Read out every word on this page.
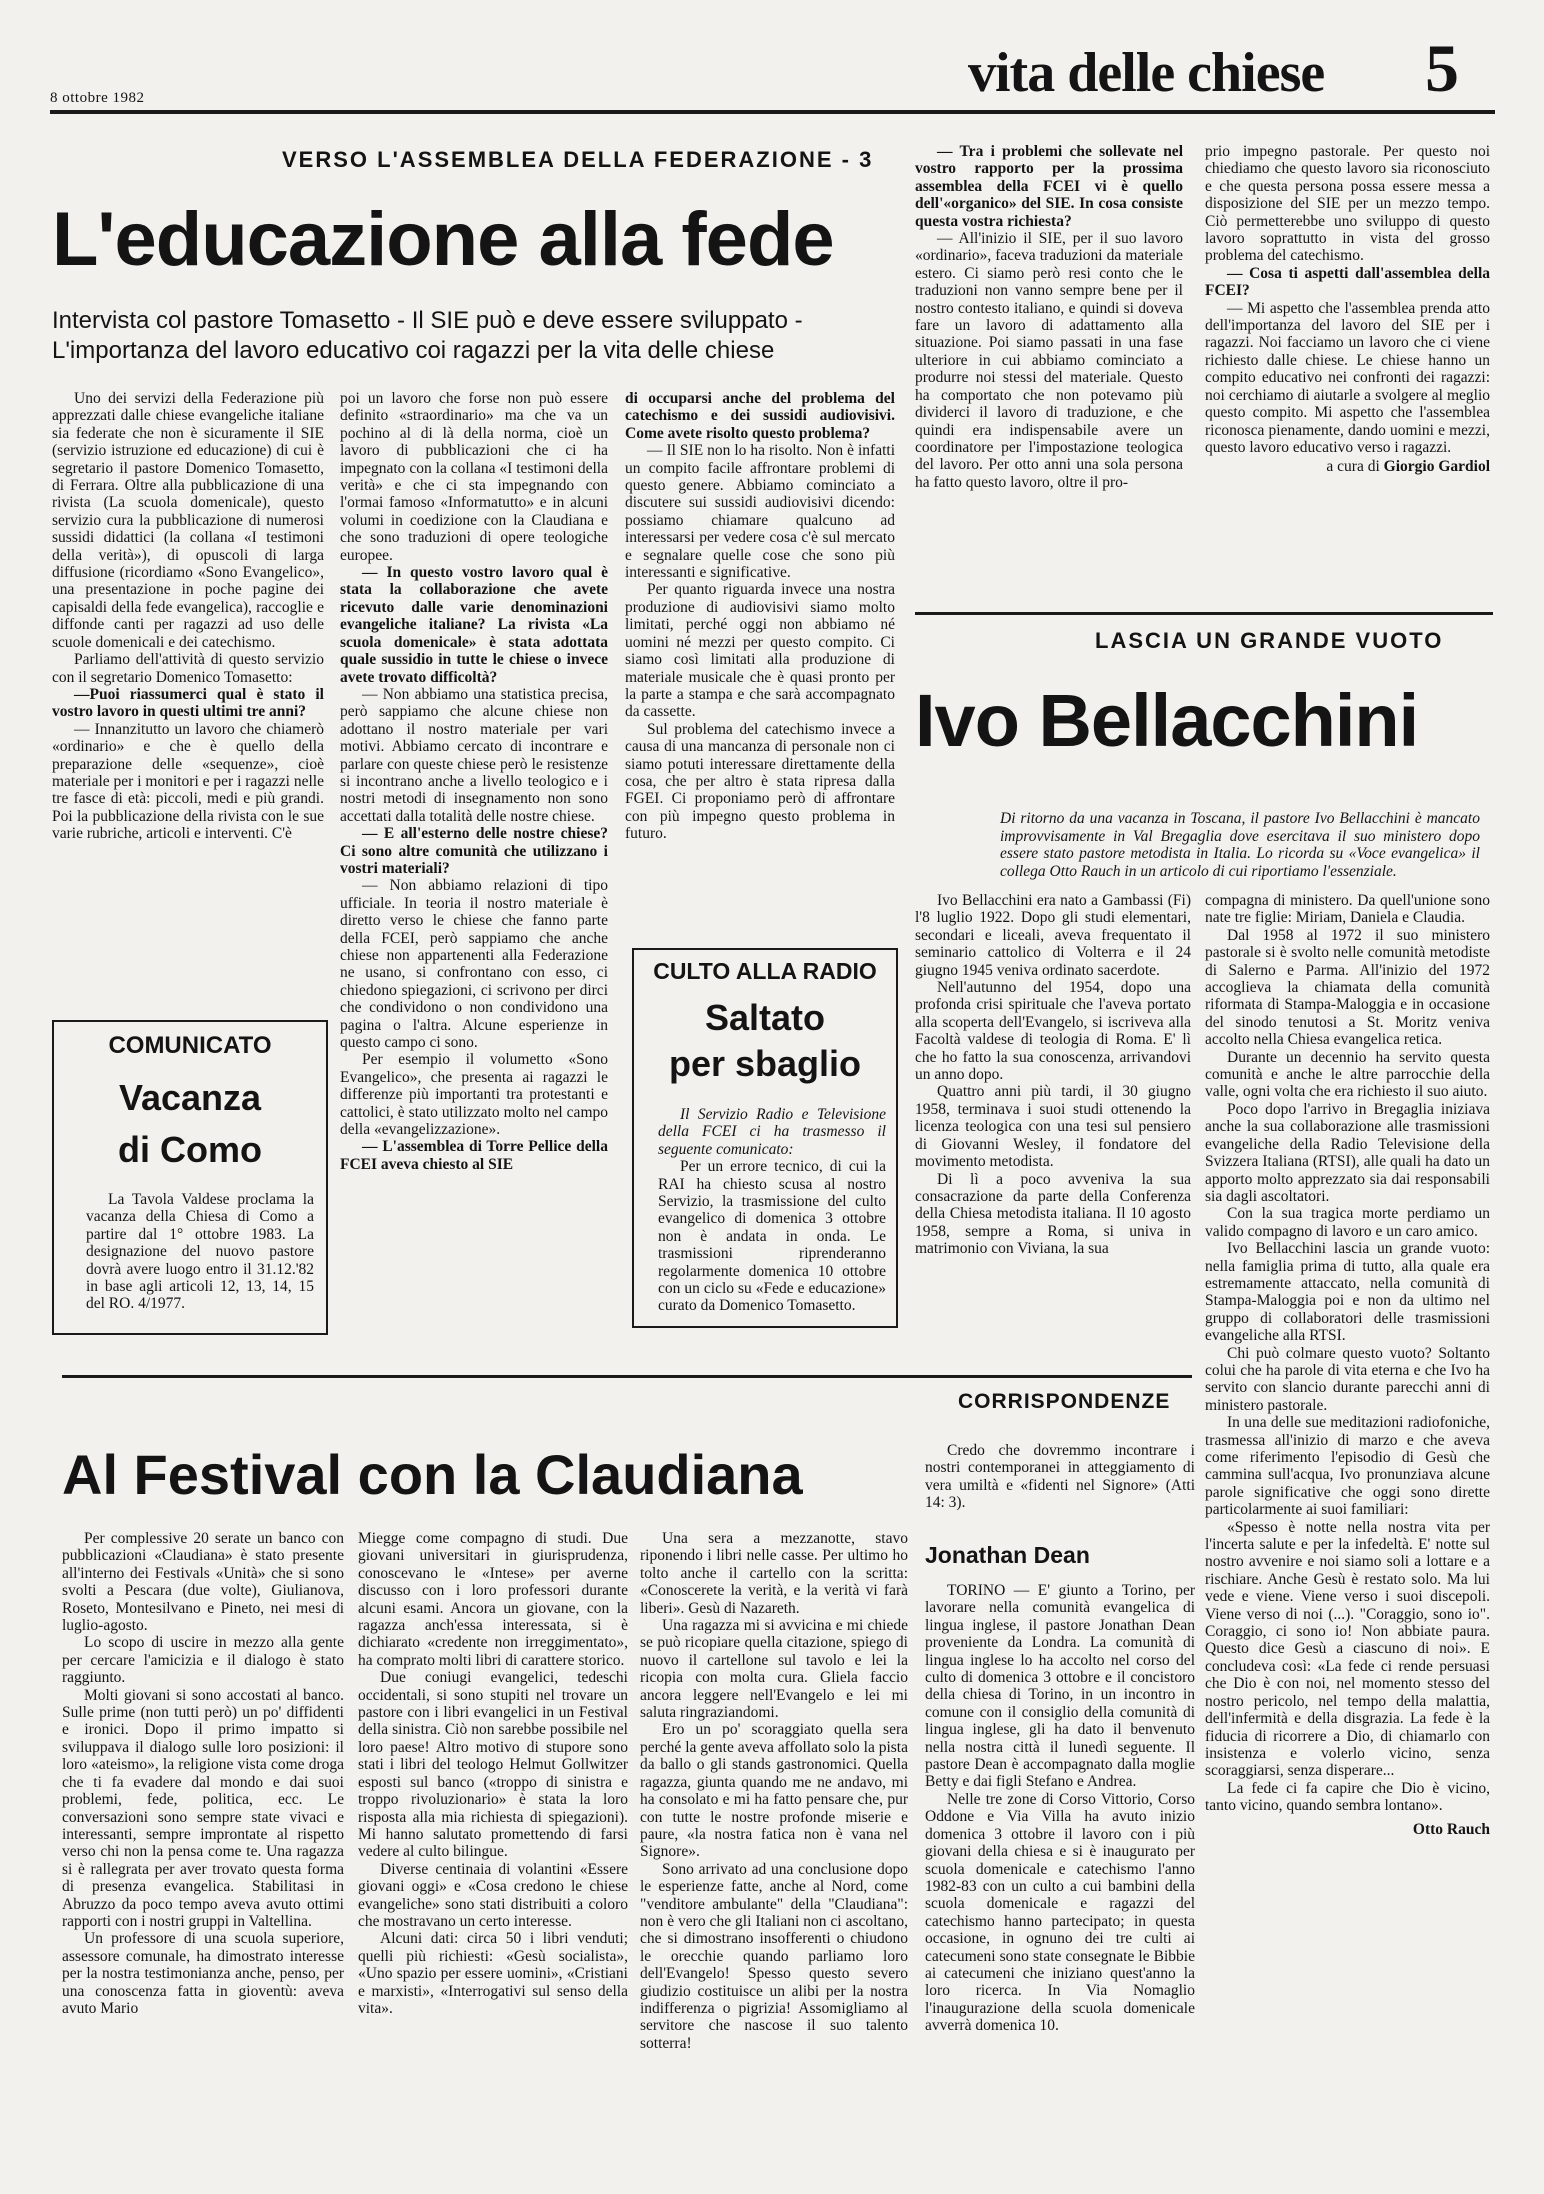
8 ottobre 1982	vita delle chiese 5
VERSO L'ASSEMBLEA DELLA FEDERAZIONE - 3
L'educazione alla fede
Intervista col pastore Tomasetto - Il SIE può e deve essere sviluppato -
L'importanza del lavoro educativo coi ragazzi per la vita delle chiese

Uno dei servizi della Federazione più apprezzati dalle chiese evangeliche italiane sia federate che non è sicuramente il SIE (servizio istruzione ed educazione) di cui è segretario il pastore Domenico Tomasetto, di Ferrara. Oltre alla pubblicazione di una rivista (La scuola domenicale), questo servizio cura la pubblicazione di numerosi sussidi didattici (la collana «I testimoni della verità»), di opuscoli di larga diffusione (ricordiamo «Sono Evangelico», una presentazione in poche pagine dei capisaldi della fede evangelica), raccoglie e diffonde canti per ragazzi ad uso delle scuole domenicali e dei catechismo.

Parliamo dell'attività di questo servizio con il segretario Domenico Tomasetto:

—Puoi riassumerci qual è stato il vostro lavoro in questi ultimi tre anni?

— Innanzitutto un lavoro che chiamerò «ordinario» e che è quello della preparazione delle «sequenze», cioè materiale per i monitori e per i ragazzi nelle tre fasce di età: piccoli, medi e più grandi. Poi la pubblicazione della rivista con le sue varie rubriche, articoli e interventi. C'è

poi un lavoro che forse non può essere definito «straordinario» ma che va un pochino al di là della norma, cioè un lavoro di pubblicazioni che ci ha impegnato con la collana «I testimoni della verità» e che ci sta impegnando con l'ormai famoso «Informatutto» e in alcuni volumi in coedizione con la Claudiana e che sono traduzioni di opere teologiche europee.

— In questo vostro lavoro qual è stata la collaborazione che avete ricevuto dalle varie denominazioni evangeliche italiane? La rivista «La scuola domenicale» è stata adottata quale sussidio in tutte le chiese o invece avete trovato difficoltà?

— Non abbiamo una statistica precisa, però sappiamo che alcune chiese non adottano il nostro materiale per vari motivi. Abbiamo cercato di incontrare e parlare con queste chiese però le resistenze si incontrano anche a livello teologico e i nostri metodi di insegnamento non sono accettati dalla totalità delle nostre chiese.

— E all'esterno delle nostre chiese? Ci sono altre comunità che utilizzano i vostri materiali?

— Non abbiamo relazioni di tipo ufficiale. In teoria il nostro materiale è diretto verso le chiese che fanno parte della FCEI, però sappiamo che anche chiese non appartenenti alla Federazione ne usano, si confrontano con esso, ci chiedono spiegazioni, ci scrivono per dirci che condividono o non condividono una pagina o l'altra. Alcune esperienze in questo campo ci sono.

Per esempio il volumetto «Sono Evangelico», che presenta ai ragazzi le differenze più importanti tra protestanti e cattolici, è stato utilizzato molto nel campo della «evangelizzazione».

— L'assemblea di Torre Pellice della FCEI aveva chiesto al SIE

di occuparsi anche del problema del catechismo e dei sussidi audiovisivi. Come avete risolto questo problema?

— Il SIE non lo ha risolto. Non è infatti un compito facile affrontare problemi di questo genere. Abbiamo cominciato a discutere sui sussidi audiovisivi dicendo: possiamo chiamare qualcuno ad interessarsi per vedere cosa c'è sul mercato e segnalare quelle cose che sono più interessanti e significative.

Per quanto riguarda invece una nostra produzione di audiovisivi siamo molto limitati, perché oggi non abbiamo né uomini né mezzi per questo compito. Ci siamo così limitati alla produzione di materiale musicale che è quasi pronto per la parte a stampa e che sarà accompagnato da cassette.

Sul problema del catechismo invece a causa di una mancanza di personale non ci siamo potuti interessare direttamente della cosa, che per altro è stata ripresa dalla FGEI. Ci proponiamo però di affrontare con più impegno questo problema in futuro.

— Tra i problemi che sollevate nel vostro rapporto per la prossima assemblea della FCEI vi è quello dell'«organico» del SIE. In cosa consiste questa vostra richiesta?

— All'inizio il SIE, per il suo lavoro «ordinario», faceva traduzioni da materiale estero. Ci siamo però resi conto che le traduzioni non vanno sempre bene per il nostro contesto italiano, e quindi si doveva fare un lavoro di adattamento alla situazione. Poi siamo passati in una fase ulteriore in cui abbiamo cominciato a produrre noi stessi del materiale. Questo ha comportato che non potevamo più dividerci il lavoro di traduzione, e che quindi era indispensabile avere un coordinatore per l'impostazione teologica del lavoro. Per otto anni una sola persona ha fatto questo lavoro, oltre il pro-

prio impegno pastorale. Per questo noi chiediamo che questo lavoro sia riconosciuto e che questa persona possa essere messa a disposizione del SIE per un mezzo tempo. Ciò permetterebbe uno sviluppo di questo lavoro soprattutto in vista del grosso problema del catechismo.

— Cosa ti aspetti dall'assemblea della FCEI?

— Mi aspetto che l'assemblea prenda atto dell'importanza del lavoro del SIE per i ragazzi. Noi facciamo un lavoro che ci viene richiesto dalle chiese. Le chiese hanno un compito educativo nei confronti dei ragazzi: noi cerchiamo di aiutarle a svolgere al meglio questo compito. Mi aspetto che l'assemblea riconosca pienamente, dando uomini e mezzi, questo lavoro educativo verso i ragazzi.

a cura di Giorgio Gardiol

COMUNICATO
Vacanza
di Como

La Tavola Valdese proclama la vacanza della Chiesa di Como a partire dal 1° ottobre 1983. La designazione del nuovo pastore dovrà avere luogo entro il 31.12.'82 in base agli articoli 12, 13, 14, 15 del RO. 4/1977.

CULTO ALLA RADIO
Saltato
per sbaglio

Il Servizio Radio e Televisione della FCEI ci ha trasmesso il seguente comunicato:

Per un errore tecnico, di cui la RAI ha chiesto scusa al nostro Servizio, la trasmissione del culto evangelico di domenica 3 ottobre non è andata in onda. Le trasmissioni riprenderanno regolarmente domenica 10 ottobre con un ciclo su «Fede e educazione» curato da Domenico Tomasetto.

LASCIA UN GRANDE VUOTO
Ivo Bellacchini
Di ritorno da una vacanza in Toscana, il pastore Ivo Bellacchini è mancato improvvisamente in Val Bregaglia dove esercitava il suo ministero dopo essere stato pastore metodista in Italia. Lo ricorda su «Voce evangelica» il collega Otto Rauch in un articolo di cui riportiamo l'essenziale.

Ivo Bellacchini era nato a Gambassi (Fi) l'8 luglio 1922. Dopo gli studi elementari, secondari e liceali, aveva frequentato il seminario cattolico di Volterra e il 24 giugno 1945 veniva ordinato sacerdote.

Nell'autunno del 1954, dopo una profonda crisi spirituale che l'aveva portato alla scoperta dell'Evangelo, si iscriveva alla Facoltà valdese di teologia di Roma. E' lì che ho fatto la sua conoscenza, arrivandovi un anno dopo.

Quattro anni più tardi, il 30 giugno 1958, terminava i suoi studi ottenendo la licenza teologica con una tesi sul pensiero di Giovanni Wesley, il fondatore del movimento metodista.

Di lì a poco avveniva la sua consacrazione da parte della Conferenza della Chiesa metodista italiana. Il 10 agosto 1958, sempre a Roma, si univa in matrimonio con Viviana, la sua

compagna di ministero. Da quell'unione sono nate tre figlie: Miriam, Daniela e Claudia.

Dal 1958 al 1972 il suo ministero pastorale si è svolto nelle comunità metodiste di Salerno e Parma. All'inizio del 1972 accoglieva la chiamata della comunità riformata di Stampa-Maloggia e in occasione del sinodo tenutosi a St. Moritz veniva accolto nella Chiesa evangelica retica.

Durante un decennio ha servito questa comunità e anche le altre parrocchie della valle, ogni volta che era richiesto il suo aiuto.

Poco dopo l'arrivo in Bregaglia iniziava anche la sua collaborazione alle trasmissioni evangeliche della Radio Televisione della Svizzera Italiana (RTSI), alle quali ha dato un apporto molto apprezzato sia dai responsabili sia dagli ascoltatori.

Con la sua tragica morte perdiamo un valido compagno di lavoro e un caro amico.

Ivo Bellacchini lascia un grande vuoto: nella famiglia prima di tutto, alla quale era estremamente attaccato, nella comunità di Stampa-Maloggia poi e non da ultimo nel gruppo di collaboratori delle trasmissioni evangeliche alla RTSI.

Chi può colmare questo vuoto? Soltanto colui che ha parole di vita eterna e che Ivo ha servito con slancio durante parecchi anni di ministero pastorale.

In una delle sue meditazioni radiofoniche, trasmessa all'inizio di marzo e che aveva come riferimento l'episodio di Gesù che cammina sull'acqua, Ivo pronunziava alcune parole significative che oggi sono dirette particolarmente ai suoi familiari:

«Spesso è notte nella nostra vita per l'incerta salute e per la infedeltà. E' notte sul nostro avvenire e noi siamo soli a lottare e a rischiare. Anche Gesù è restato solo. Ma lui vede e viene. Viene verso i suoi discepoli. Viene verso di noi (...). "Coraggio, sono io". Coraggio, ci sono io! Non abbiate paura. Questo dice Gesù a ciascuno di noi». E concludeva così: «La fede ci rende persuasi che Dio è con noi, nel momento stesso del nostro pericolo, nel tempo della malattia, dell'infermità e della disgrazia. La fede è la fiducia di ricorrere a Dio, di chiamarlo con insistenza e volerlo vicino, senza scoraggiarsi, senza disperare...

La fede ci fa capire che Dio è vicino, tanto vicino, quando sembra lontano».

Otto Rauch

CORRISPONDENZE
Al Festival con la Claudiana

Per complessive 20 serate un banco con pubblicazioni «Claudiana» è stato presente all'interno dei Festivals «Unità» che si sono svolti a Pescara (due volte), Giulianova, Roseto, Montesilvano e Pineto, nei mesi di luglio-agosto.

Lo scopo di uscire in mezzo alla gente per cercare l'amicizia e il dialogo è stato raggiunto.

Molti giovani si sono accostati al banco. Sulle prime (non tutti però) un po' diffidenti e ironici. Dopo il primo impatto si sviluppava il dialogo sulle loro posizioni: il loro «ateismo», la religione vista come droga che ti fa evadere dal mondo e dai suoi problemi, fede, politica, ecc. Le conversazioni sono sempre state vivaci e interessanti, sempre improntate al rispetto verso chi non la pensa come te. Una ragazza si è rallegrata per aver trovato questa forma di presenza evangelica. Stabilitasi in Abruzzo da poco tempo aveva avuto ottimi rapporti con i nostri gruppi in Valtellina.

Un professore di una scuola superiore, assessore comunale, ha dimostrato interesse per la nostra testimonianza anche, penso, per una conoscenza fatta in gioventù: aveva avuto Mario

Miegge come compagno di studi. Due giovani universitari in giurisprudenza, conoscevano le «Intese» per averne discusso con i loro professori durante alcuni esami. Ancora un giovane, con la ragazza anch'essa interessata, si è dichiarato «credente non irreggimentato», ha comprato molti libri di carattere storico.

Due coniugi evangelici, tedeschi occidentali, si sono stupiti nel trovare un pastore con i libri evangelici in un Festival della sinistra. Ciò non sarebbe possibile nel loro paese! Altro motivo di stupore sono stati i libri del teologo Helmut Gollwitzer esposti sul banco («troppo di sinistra e troppo rivoluzionario» è stata la loro risposta alla mia richiesta di spiegazioni). Mi hanno salutato promettendo di farsi vedere al culto bilingue.

Diverse centinaia di volantini «Essere giovani oggi» e «Cosa credono le chiese evangeliche» sono stati distribuiti a coloro che mostravano un certo interesse.

Alcuni dati: circa 50 i libri venduti; quelli più richiesti: «Gesù socialista», «Uno spazio per essere uomini», «Cristiani e marxisti», «Interrogativi sul senso della vita».

Una sera a mezzanotte, stavo riponendo i libri nelle casse. Per ultimo ho tolto anche il cartello con la scritta: «Conoscerete la verità, e la verità vi farà liberi». Gesù di Nazareth.

Una ragazza mi si avvicina e mi chiede se può ricopiare quella citazione, spiego di nuovo il cartellone sul tavolo e lei la ricopia con molta cura. Gliela faccio ancora leggere nell'Evangelo e lei mi saluta ringraziandomi.

Ero un po' scoraggiato quella sera perché la gente aveva affollato solo la pista da ballo o gli stands gastronomici. Quella ragazza, giunta quando me ne andavo, mi ha consolato e mi ha fatto pensare che, pur con tutte le nostre profonde miserie e paure, «la nostra fatica non è vana nel Signore».

Sono arrivato ad una conclusione dopo le esperienze fatte, anche al Nord, come "venditore ambulante" della "Claudiana": non è vero che gli Italiani non ci ascoltano, che si dimostrano insofferenti o chiudono le orecchie quando parliamo loro dell'Evangelo! Spesso questo severo giudizio costituisce un alibi per la nostra indifferenza o pigrizia! Assomigliamo al servitore che nascose il suo talento sotterra!

Credo che dovremmo incontrare i nostri contemporanei in atteggiamento di vera umiltà e «fidenti nel Signore» (Atti 14: 3).

Jonathan Dean

TORINO — E' giunto a Torino, per lavorare nella comunità evangelica di lingua inglese, il pastore Jonathan Dean proveniente da Londra. La comunità di lingua inglese lo ha accolto nel corso del culto di domenica 3 ottobre e il concistoro della chiesa di Torino, in un incontro in comune con il consiglio della comunità di lingua inglese, gli ha dato il benvenuto nella nostra città il lunedì seguente. Il pastore Dean è accompagnato dalla moglie Betty e dai figli Stefano e Andrea.

Nelle tre zone di Corso Vittorio, Corso Oddone e Via Villa ha avuto inizio domenica 3 ottobre il lavoro con i più giovani della chiesa e si è inaugurato per scuola domenicale e catechismo l'anno 1982-83 con un culto a cui bambini della scuola domenicale e ragazzi del catechismo hanno partecipato; in questa occasione, in ognuno dei tre culti ai catecumeni sono state consegnate le Bibbie ai catecumeni che iniziano quest'anno la loro ricerca. In Via Nomaglio l'inaugurazione della scuola domenicale avverrà domenica 10.
